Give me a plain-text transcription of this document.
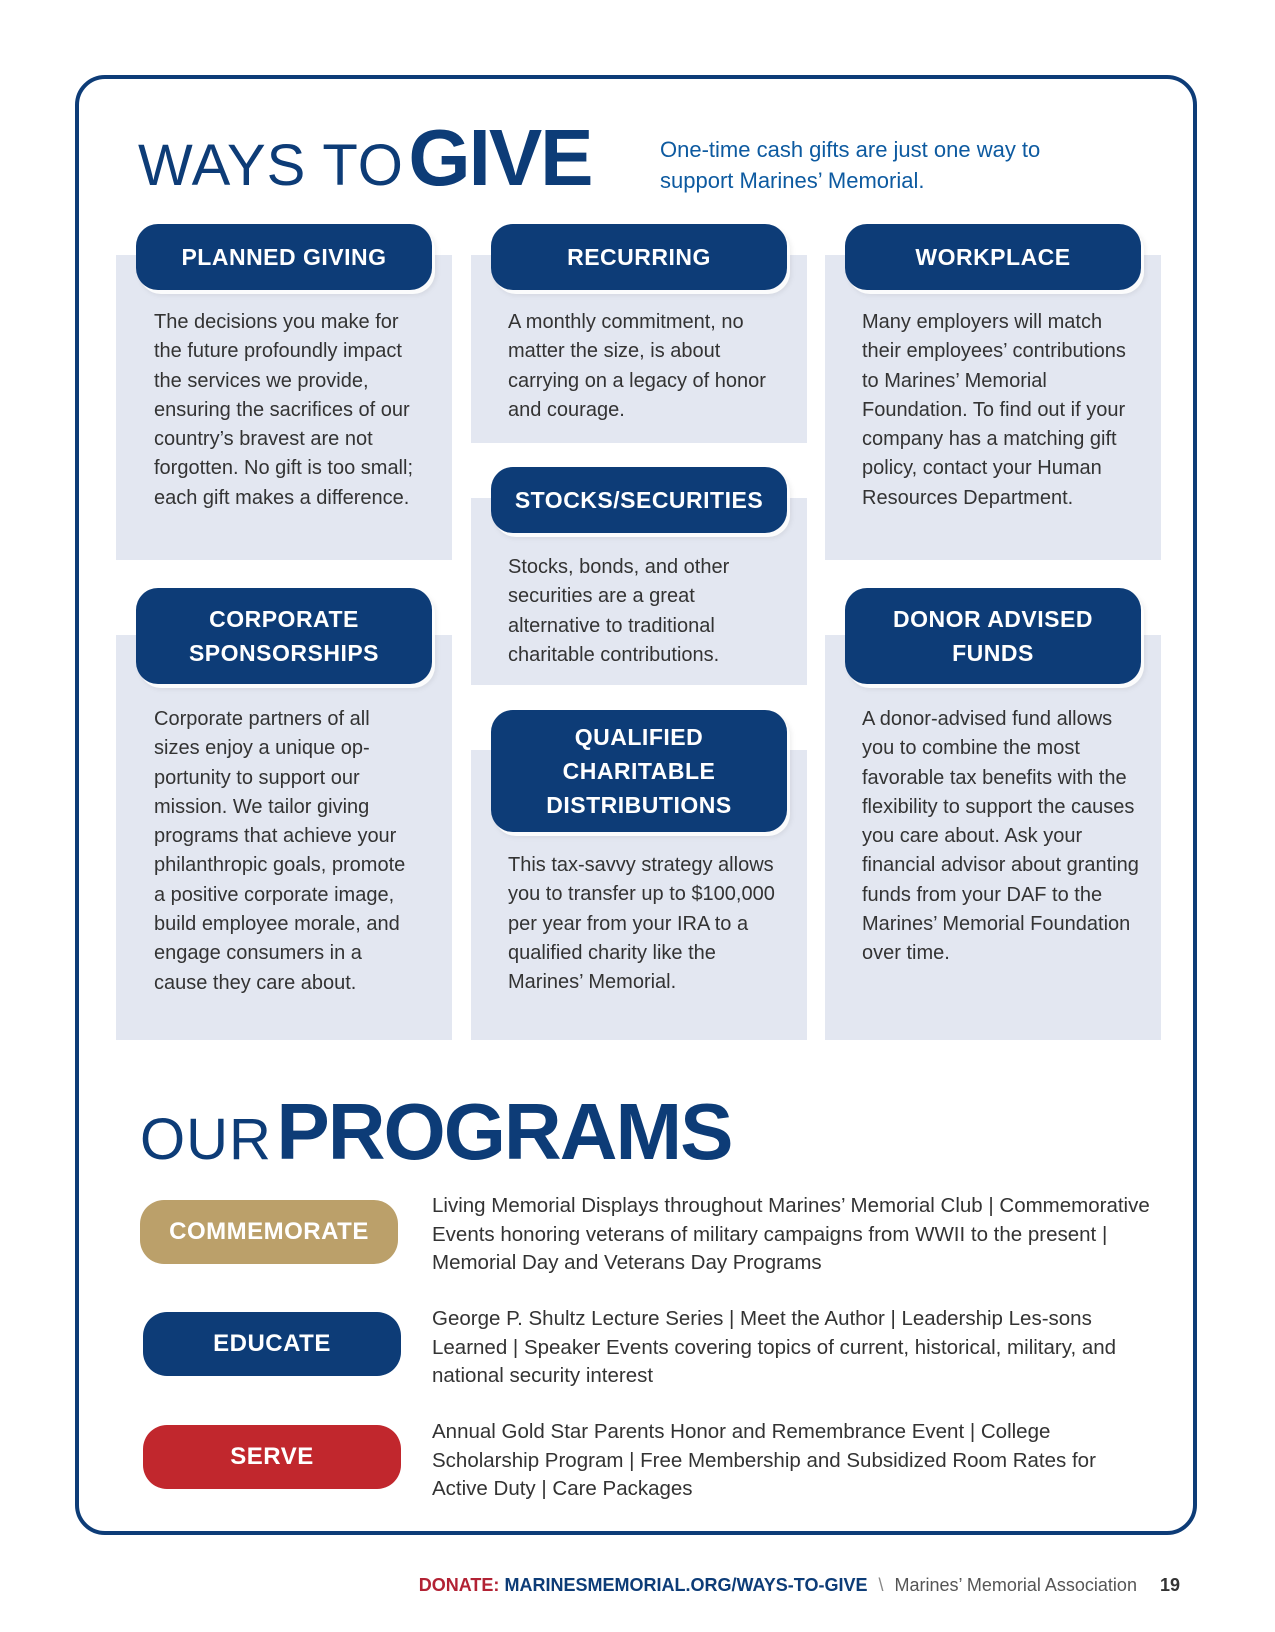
WAYS TO GIVE	One-time cash gifts are just one way to support Marines’ Memorial.
PLANNED GIVING
The decisions you make for the future profoundly impact the services we provide, ensuring the sacrifices of our country’s bravest are not forgotten. No gift is too small; each gift makes a difference.
CORPORATE
SPONSORSHIPS
Corporate partners of all sizes enjoy a unique op-portunity to support our mission. We tailor giving programs that achieve your philanthropic goals, promote a positive corporate image, build employee morale, and engage consumers in a cause they care about.
RECURRING
A monthly commitment, no matter the size, is about carrying on a legacy of honor and courage.
STOCKS/SECURITIES
Stocks, bonds, and other securities are a great alternative to traditional charitable contributions.
QUALIFIED
CHARITABLE
DISTRIBUTIONS
This tax-savvy strategy allows you to transfer up to $100,000 per year from your IRA to a qualified charity like the Marines’ Memorial.
WORKPLACE
Many employers will match their employees’ contributions to Marines’ Memorial Foundation. To find out if your company has a matching gift policy, contact your Human Resources Department.
DONOR ADVISED
FUNDS
A donor-advised fund allows you to combine the most favorable tax benefits with the flexibility to support the causes you care about. Ask your financial advisor about granting funds from your DAF to the Marines’ Memorial Foundation over time.
OUR PROGRAMS
COMMEMORATE
Living Memorial Displays throughout Marines’ Memorial Club | Commemorative Events honoring veterans of military campaigns from WWII to the present | Memorial Day and Veterans Day Programs
EDUCATE
George P. Shultz Lecture Series | Meet the Author | Leadership Les-sons Learned | Speaker Events covering topics of current, historical, military, and national security interest
SERVE
Annual Gold Star Parents Honor and Remembrance Event | College Scholarship Program | Free Membership and Subsidized Room Rates for Active Duty | Care Packages
DONATE: MARINESMEMORIAL.ORG/WAYS-TO-GIVE \ Marines’ Memorial Association 19
